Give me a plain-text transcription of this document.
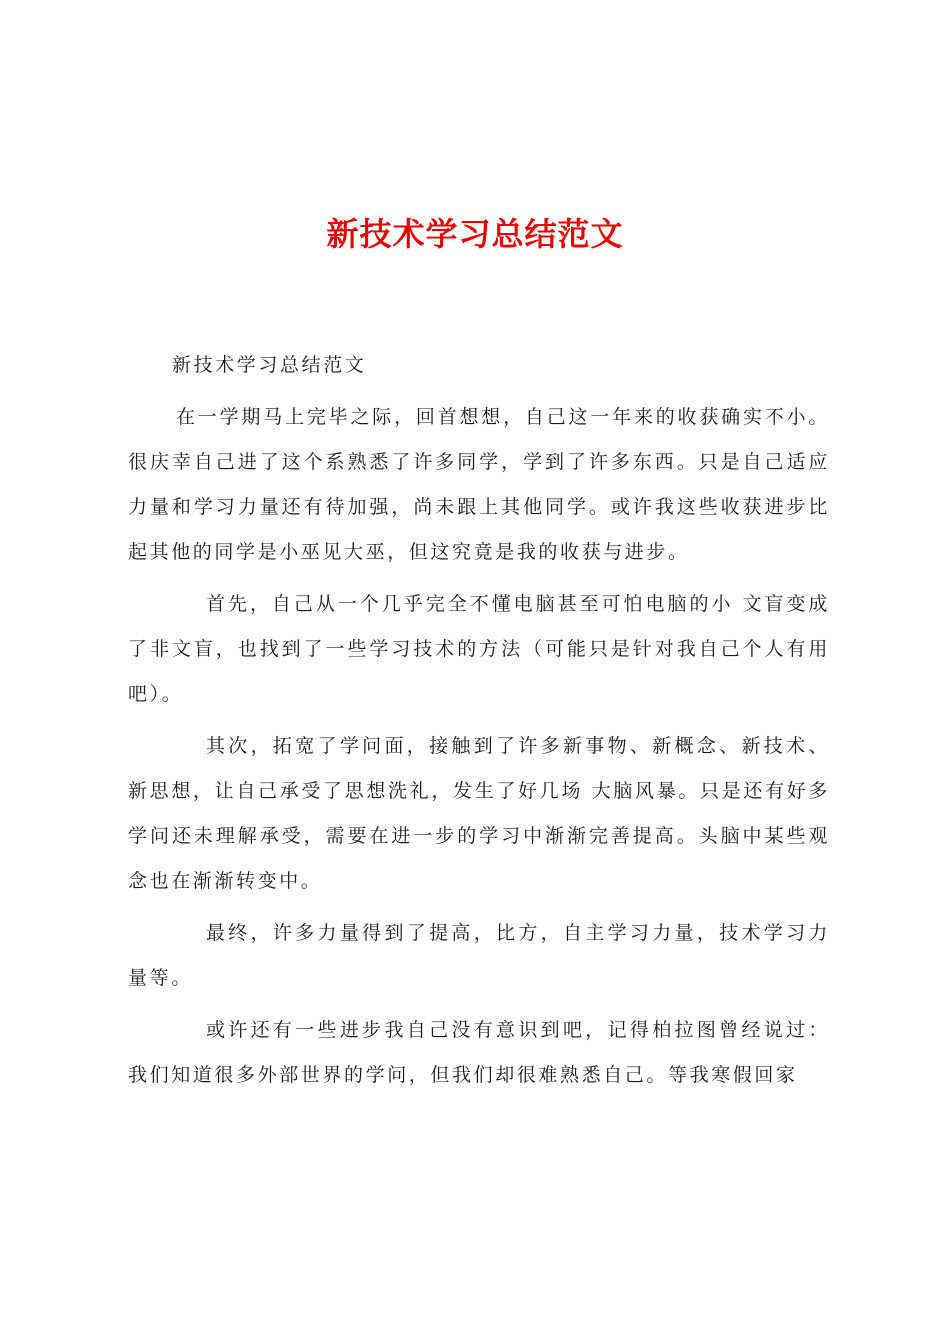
新技术学习总结范文

新技术学习总结范文

在一学期马上完毕之际，回首想想，自己这一年来的收获确实不小。很庆幸自己进了这个系熟悉了许多同学，学到了许多东西。只是自己适应力量和学习力量还有待加强，尚未跟上其他同学。或许我这些收获进步比起其他的同学是小巫见大巫，但这究竟是我的收获与进步。

首先，自己从一个几乎完全不懂电脑甚至可怕电脑的小 文盲变成了非文盲，也找到了一些学习技术的方法（可能只是针对我自己个人有用吧）。

其次，拓宽了学问面，接触到了许多新事物、新概念、新技术、新思想，让自己承受了思想洗礼，发生了好几场 大脑风暴。只是还有好多学问还未理解承受，需要在进一步的学习中渐渐完善提高。头脑中某些观念也在渐渐转变中。

最终，许多力量得到了提高，比方，自主学习力量，技术学习力量等。

或许还有一些进步我自己没有意识到吧，记得柏拉图曾经说过：我们知道很多外部世界的学问，但我们却很难熟悉自己。等我寒假回家
